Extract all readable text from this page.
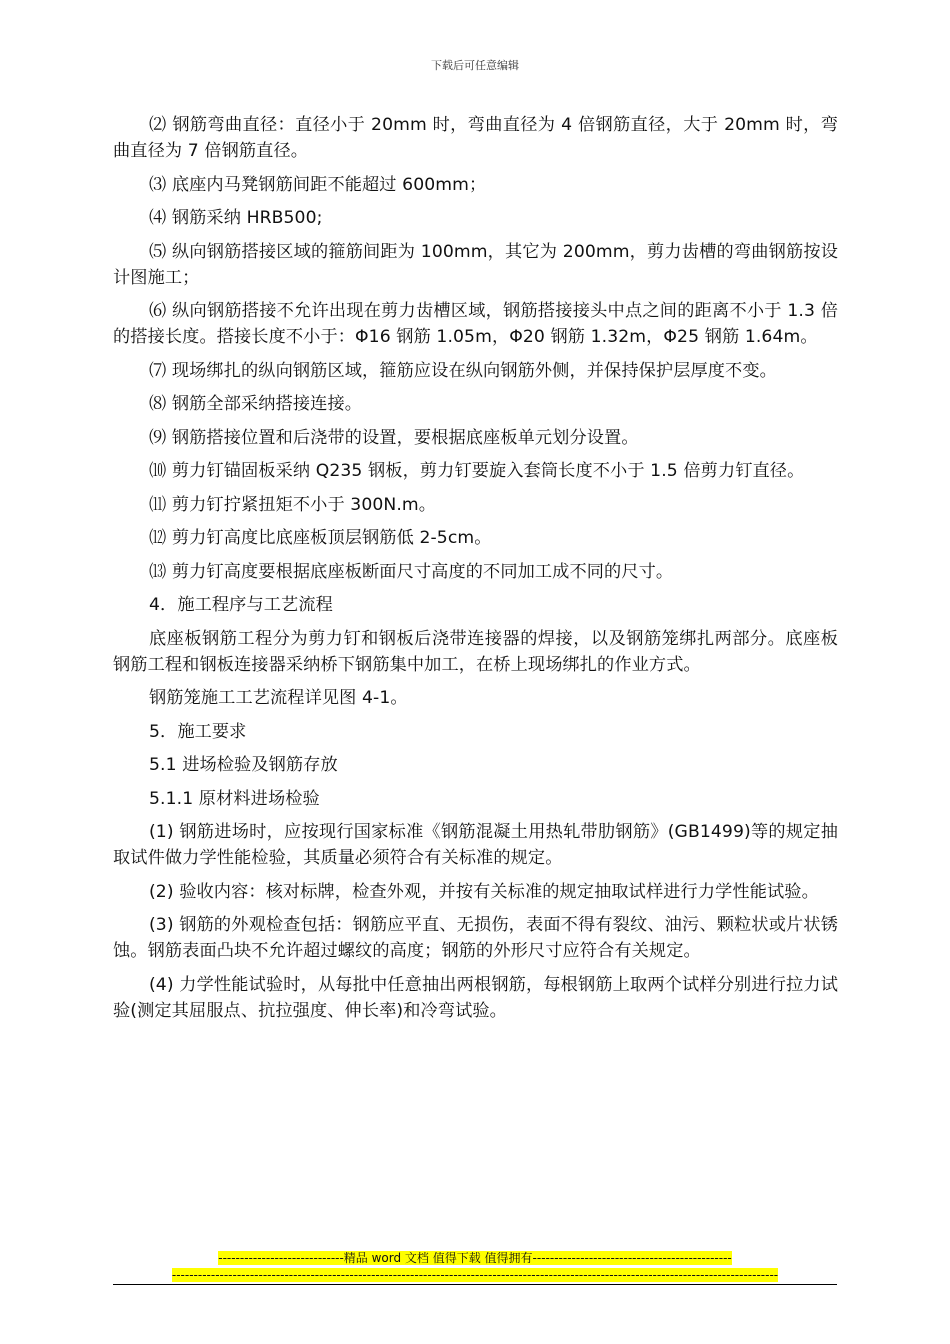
下载后可任意编辑

⑵ 钢筋弯曲直径：直径小于 20mm 时，弯曲直径为 4 倍钢筋直径，大于 20mm 时，弯曲直径为 7 倍钢筋直径。

⑶ 底座内马凳钢筋间距不能超过 600mm；

⑷ 钢筋采纳 HRB500;

⑸ 纵向钢筋搭接区域的箍筋间距为 100mm，其它为 200mm，剪力齿槽的弯曲钢筋按设计图施工；

⑹ 纵向钢筋搭接不允许出现在剪力齿槽区域，钢筋搭接接头中点之间的距离不小于 1.3 倍的搭接长度。搭接长度不小于：Φ16 钢筋 1.05m，Φ20 钢筋 1.32m，Φ25 钢筋 1.64m。

⑺ 现场绑扎的纵向钢筋区域，箍筋应设在纵向钢筋外侧，并保持保护层厚度不变。

⑻ 钢筋全部采纳搭接连接。

⑼ 钢筋搭接位置和后浇带的设置，要根据底座板单元划分设置。

⑽ 剪力钉锚固板采纳 Q235 钢板，剪力钉要旋入套筒长度不小于 1.5 倍剪力钉直径。

⑾ 剪力钉拧紧扭矩不小于 300N.m。

⑿ 剪力钉高度比底座板顶层钢筋低 2-5cm。

⒀ 剪力钉高度要根据底座板断面尺寸高度的不同加工成不同的尺寸。

4．施工程序与工艺流程

底座板钢筋工程分为剪力钉和钢板后浇带连接器的焊接，以及钢筋笼绑扎两部分。底座板钢筋工程和钢板连接器采纳桥下钢筋集中加工，在桥上现场绑扎的作业方式。

钢筋笼施工工艺流程详见图 4-1。

5．施工要求

5.1 进场检验及钢筋存放

5.1.1 原材料进场检验

(1) 钢筋进场时，应按现行国家标准《钢筋混凝土用热轧带肋钢筋》(GB1499)等的规定抽取试件做力学性能检验，其质量必须符合有关标准的规定。

(2) 验收内容：核对标牌，检查外观，并按有关标准的规定抽取试样进行力学性能试验。

(3) 钢筋的外观检查包括：钢筋应平直、无损伤，表面不得有裂纹、油污、颗粒状或片状锈蚀。钢筋表面凸块不允许超过螺纹的高度；钢筋的外形尺寸应符合有关规定。

(4) 力学性能试验时，从每批中任意抽出两根钢筋，每根钢筋上取两个试样分别进行拉力试验(测定其屈服点、抗拉强度、伸长率)和冷弯试验。

-----------------------------精品 word 文档 值得下载 值得拥有----------------------------------------------
--------------------------------------------------------------------------------------------------------------------------------------------
